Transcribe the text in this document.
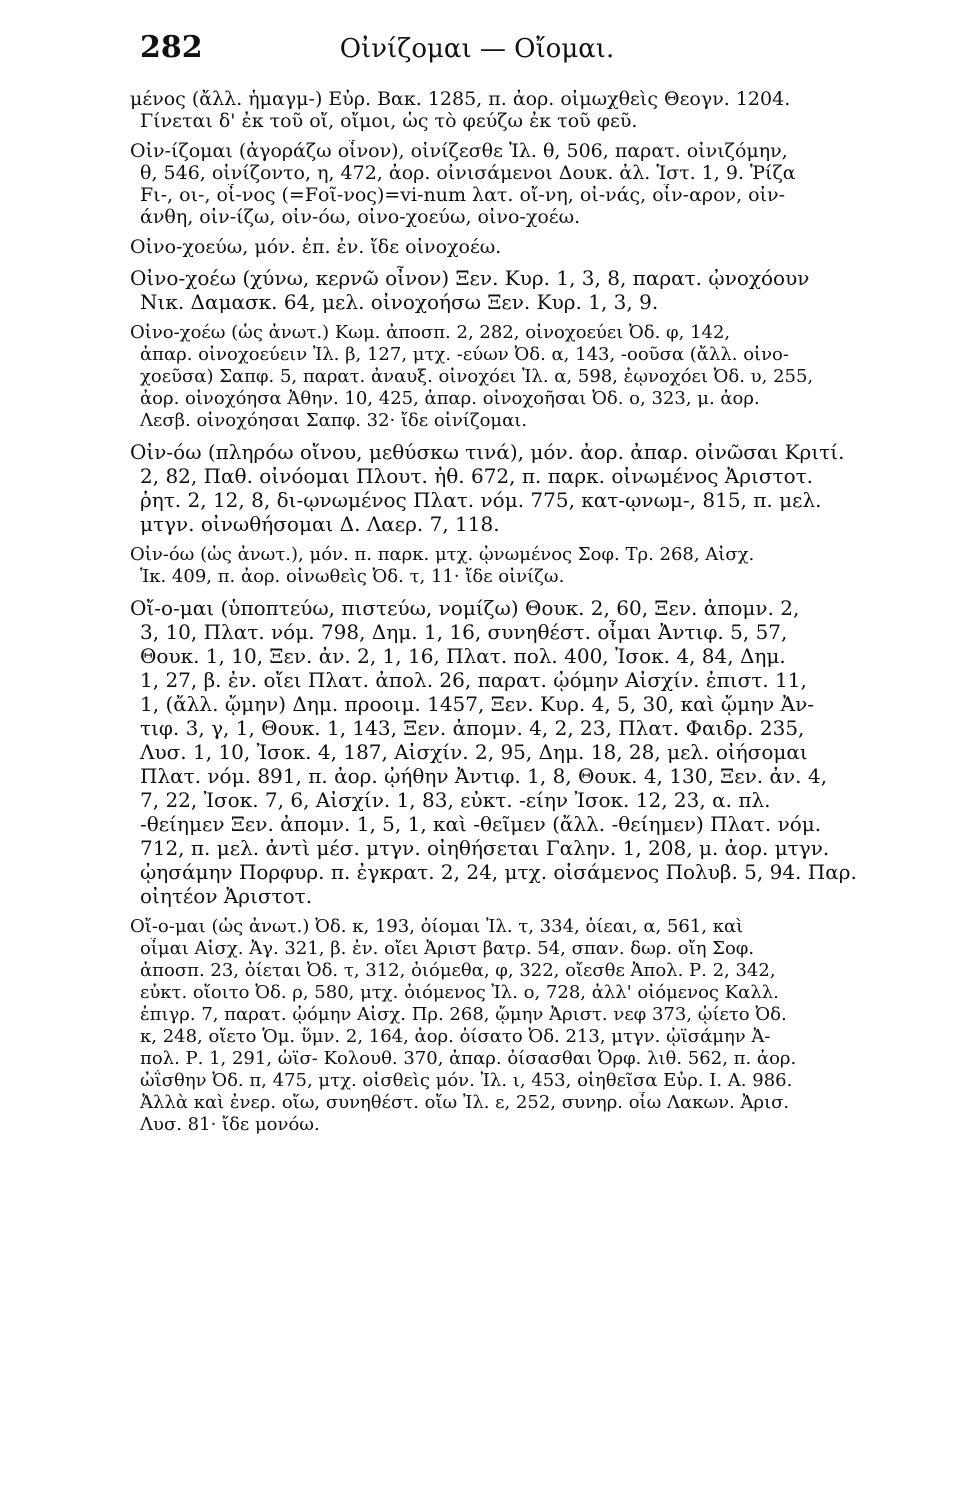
282	Οἰνίζομαι — Οἴομαι.
μένος (ἄλλ. ἡμαγμ-) Εὐρ. Βακ. 1285, π. ἀορ. οἰμωχθεὶς Θεογν. 1204.
Γίνεται δ' ἐκ τοῦ οἴ, οἴμοι, ὡς τὸ φεύζω ἐκ τοῦ φεῦ.
Οἰν-ίζομαι (ἀγοράζω οἶνον), οἰνίζεσθε Ἰλ. θ, 506, παρατ. οἰνιζόμην,
θ, 546, οἰνίζοντο, η, 472, ἀορ. οἰνισάμενοι Δουκ. ἀλ. Ἱστ. 1, 9. Ῥίζα
Fι-, οι-, οἶ-νος (=Fοῖ-νος)=vi-num λατ. οἴ-νη, οἰ-νάς, οἶν-αρον, οἰν-
άνθη, οἰν-ίζω, οἰν-όω, οἰνο-χοεύω, οἰνο-χοέω.
Οἰνο-χοεύω, μόν. ἐπ. ἐν. ἴδε οἰνοχοέω.
Οἰνο-χοέω (χύνω, κερνῶ οἶνον) Ξεν. Κυρ. 1, 3, 8, παρατ. ᾠνοχόουν
Νικ. Δαμασκ. 64, μελ. οἰνοχοήσω Ξεν. Κυρ. 1, 3, 9.
Οἰνο-χοέω (ὡς ἀνωτ.) Κωμ. ἀποσπ. 2, 282, οἰνοχοεύει Ὀδ. φ, 142,
ἀπαρ. οἰνοχοεύειν Ἰλ. β, 127, μτχ. -εύων Ὀδ. α, 143, -οοῦσα (ἄλλ. οἰνο-
χοεῦσα) Σαπφ. 5, παρατ. ἀναυξ. οἰνοχόει Ἰλ. α, 598, ἐῳνοχόει Ὀδ. υ, 255,
ἀορ. οἰνοχόησα Ἀθην. 10, 425, ἀπαρ. οἰνοχοῆσαι Ὀδ. ο, 323, μ. ἀορ.
Λεσβ. οἰνοχόησαι Σαπφ. 32· ἴδε οἰνίζομαι.
Οἰν-όω (πληρόω οἴνου, μεθύσκω τινά), μόν. ἀορ. ἀπαρ. οἰνῶσαι Κριτί.
2, 82, Παθ. οἰνόομαι Πλουτ. ἠθ. 672, π. παρκ. οἰνωμένος Ἀριστοτ.
ῥητ. 2, 12, 8, δι-ῳνωμένος Πλατ. νόμ. 775, κατ-ῳνωμ-, 815, π. μελ.
μτγν. οἰνωθήσομαι Δ. Λαερ. 7, 118.
Οἰν-όω (ὡς ἀνωτ.), μόν. π. παρκ. μτχ. ᾠνωμένος Σοφ. Τρ. 268, Αἰσχ.
Ἱκ. 409, π. ἀορ. οἰνωθεὶς Ὀδ. τ, 11· ἴδε οἰνίζω.
Οἴ-ο-μαι (ὑποπτεύω, πιστεύω, νομίζω) Θουκ. 2, 60, Ξεν. ἀπομν. 2,
3, 10, Πλατ. νόμ. 798, Δημ. 1, 16, συνηθέστ. οἶμαι Ἀντιφ. 5, 57,
Θουκ. 1, 10, Ξεν. ἀν. 2, 1, 16, Πλατ. πολ. 400, Ἰσοκ. 4, 84, Δημ.
1, 27, β. ἐν. οἴει Πλατ. ἀπολ. 26, παρατ. ᾠόμην Αἰσχίν. ἐπιστ. 11,
1, (ἄλλ. ᾤμην) Δημ. προοιμ. 1457, Ξεν. Κυρ. 4, 5, 30, καὶ ᾤμην Ἀν-
τιφ. 3, γ, 1, Θουκ. 1, 143, Ξεν. ἀπομν. 4, 2, 23, Πλατ. Φαιδρ. 235,
Λυσ. 1, 10, Ἰσοκ. 4, 187, Αἰσχίν. 2, 95, Δημ. 18, 28, μελ. οἰήσομαι
Πλατ. νόμ. 891, π. ἀορ. ᾠήθην Ἀντιφ. 1, 8, Θουκ. 4, 130, Ξεν. ἀν. 4,
7, 22, Ἰσοκ. 7, 6, Αἰσχίν. 1, 83, εὐκτ. -είην Ἰσοκ. 12, 23, α. πλ.
-θείημεν Ξεν. ἀπομν. 1, 5, 1, καὶ -θεῖμεν (ἄλλ. -θείημεν) Πλατ. νόμ.
712, π. μελ. ἀντὶ μέσ. μτγν. οἰηθήσεται Γαλην. 1, 208, μ. ἀορ. μτγν.
ᾠησάμην Πορφυρ. π. ἐγκρατ. 2, 24, μτχ. οἰσάμενος Πολυβ. 5, 94. Παρ.
οἰητέον Ἀριστοτ.
Οἴ-ο-μαι (ὡς ἀνωτ.) Ὀδ. κ, 193, ὀίομαι Ἰλ. τ, 334, ὀίεαι, α, 561, καὶ
οἶμαι Αἰσχ. Ἀγ. 321, β. ἐν. οἴει Ἀριστ βατρ. 54, σπαν. δωρ. οἴη Σοφ.
ἀποσπ. 23, ὀίεται Ὀδ. τ, 312, ὀιόμεθα, φ, 322, οἴεσθε Ἀπολ. Ρ. 2, 342,
εὐκτ. οἴοιτο Ὀδ. ρ, 580, μτχ. ὀιόμενος Ἰλ. ο, 728, ἀλλ' οἰόμενος Καλλ.
ἐπιγρ. 7, παρατ. ᾠόμην Αἰσχ. Πρ. 268, ᾤμην Ἀριστ. νεφ 373, ᾠίετο Ὀδ.
κ, 248, οἴετο Ὁμ. ὕμν. 2, 164, ἀορ. ὀίσατο Ὀδ. 213, μτγν. ᾠϊσάμην Ἀ-
πολ. Ρ. 1, 291, ὠϊσ- Κολουθ. 370, ἀπαρ. ὀίσασθαι Ὀρφ. λιθ. 562, π. ἀορ.
ὠΐσθην Ὀδ. π, 475, μτχ. οἰσθεὶς μόν. Ἰλ. ι, 453, οἰηθεῖσα Εὐρ. Ι. Α. 986.
Ἀλλὰ καὶ ἐνερ. οἴω, συνηθέστ. οἴω Ἰλ. ε, 252, συνηρ. οἶω Λακων. Ἀρισ.
Λυσ. 81· ἴδε μονόω.
